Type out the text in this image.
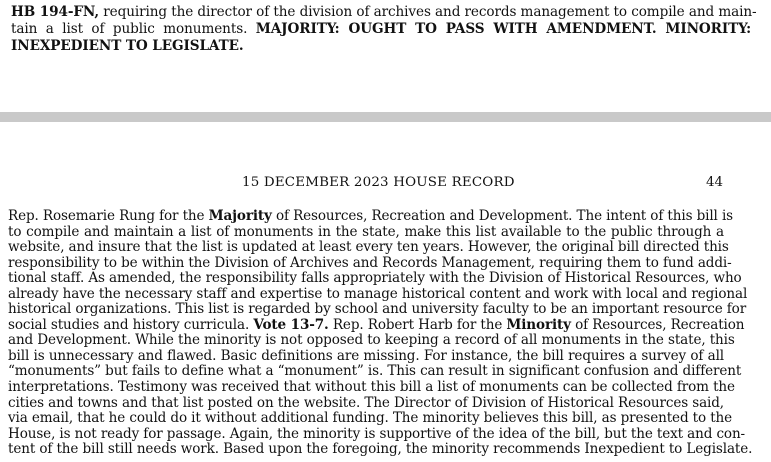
HB 194-FN, requiring the director of the division of archives and records management to compile and main-
tain a list of public monuments. MAJORITY: OUGHT TO PASS WITH AMENDMENT. MINORITY:
INEXPEDIENT TO LEGISLATE.
15 DECEMBER 2023 HOUSE RECORD	44
Rep. Rosemarie Rung for the Majority of Resources, Recreation and Development. The intent of this bill is
to compile and maintain a list of monuments in the state, make this list available to the public through a
website, and insure that the list is updated at least every ten years. However, the original bill directed this
responsibility to be within the Division of Archives and Records Management, requiring them to fund addi-
tional staff. As amended, the responsibility falls appropriately with the Division of Historical Resources, who
already have the necessary staff and expertise to manage historical content and work with local and regional
historical organizations. This list is regarded by school and university faculty to be an important resource for
social studies and history curricula. Vote 13-7. Rep. Robert Harb for the Minority of Resources, Recreation
and Development. While the minority is not opposed to keeping a record of all monuments in the state, this
bill is unnecessary and flawed. Basic definitions are missing. For instance, the bill requires a survey of all
“monuments” but fails to define what a “monument” is. This can result in significant confusion and different
interpretations. Testimony was received that without this bill a list of monuments can be collected from the
cities and towns and that list posted on the website. The Director of Division of Historical Resources said,
via email, that he could do it without additional funding. The minority believes this bill, as presented to the
House, is not ready for passage. Again, the minority is supportive of the idea of the bill, but the text and con-
tent of the bill still needs work. Based upon the foregoing, the minority recommends Inexpedient to Legislate.
